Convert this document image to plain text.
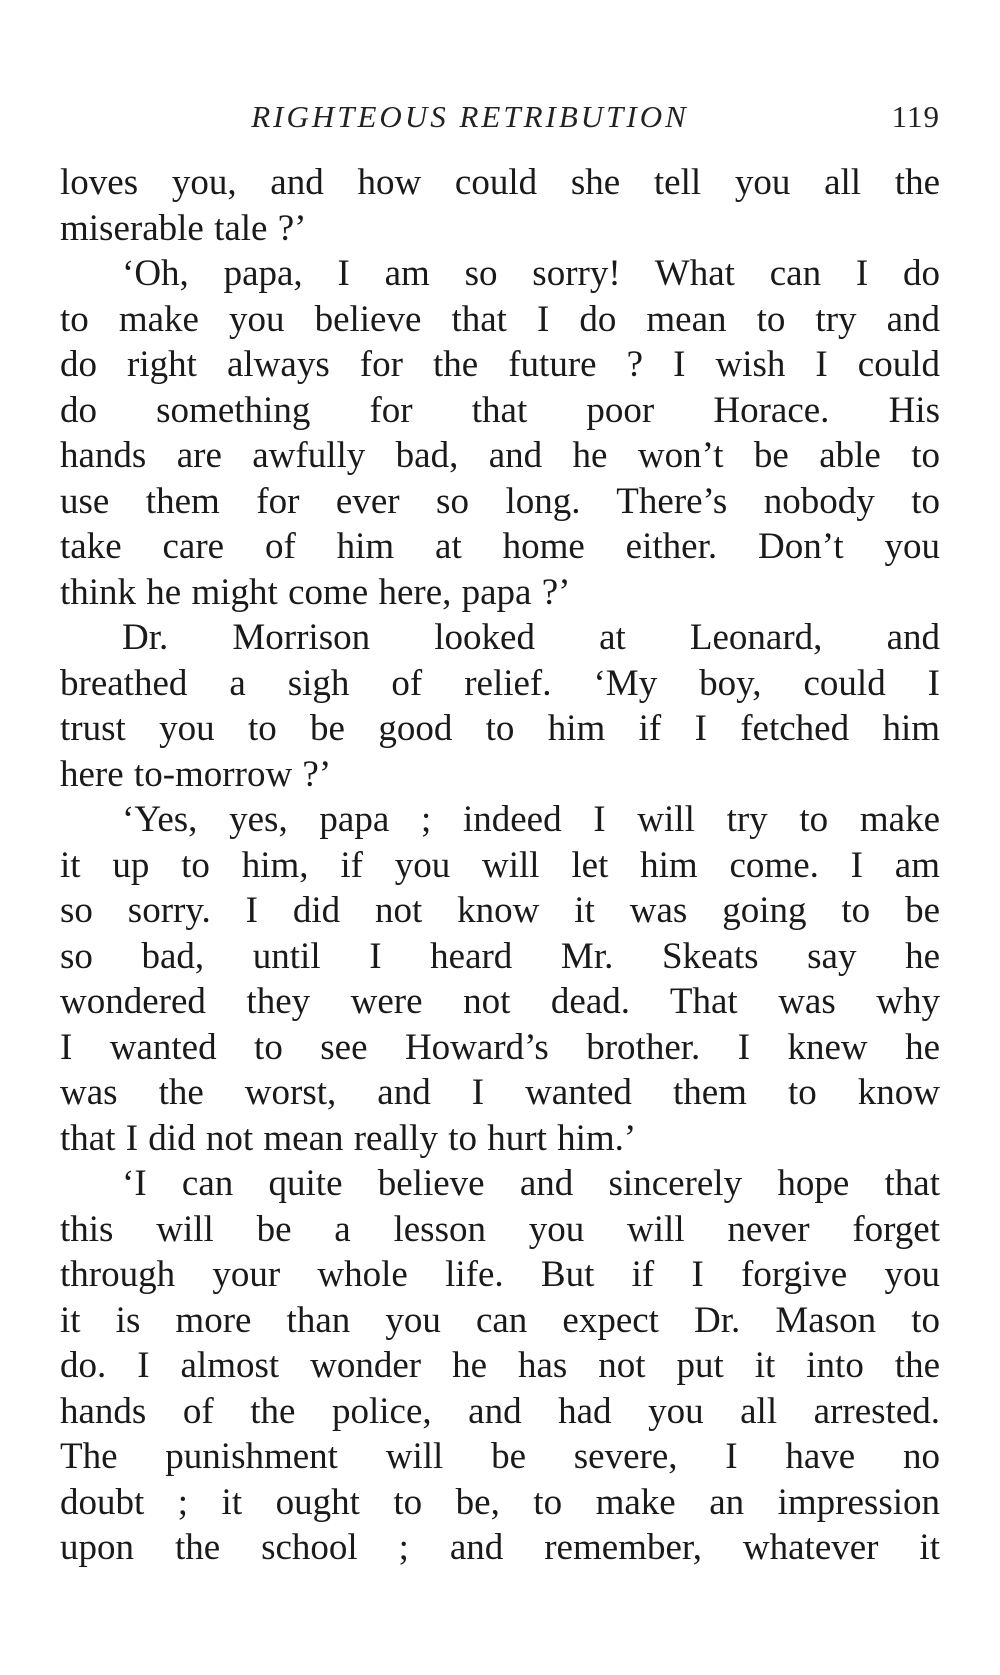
RIGHTEOUS RETRIBUTION	119
loves you, and how could she tell you all the
miserable tale ?’
‘Oh, papa, I am so sorry! What can I do
to make you believe that I do mean to try and
do right always for the future ? I wish I could
do something for that poor Horace. His
hands are awfully bad, and he won’t be able to
use them for ever so long. There’s nobody to
take care of him at home either. Don’t you
think he might come here, papa ?’
Dr. Morrison looked at Leonard, and
breathed a sigh of relief. ‘My boy, could I
trust you to be good to him if I fetched him
here to-morrow ?’
‘Yes, yes, papa ; indeed I will try to make
it up to him, if you will let him come. I am
so sorry. I did not know it was going to be
so bad, until I heard Mr. Skeats say he
wondered they were not dead. That was why
I wanted to see Howard’s brother. I knew he
was the worst, and I wanted them to know
that I did not mean really to hurt him.’
‘I can quite believe and sincerely hope that
this will be a lesson you will never forget
through your whole life. But if I forgive you
it is more than you can expect Dr. Mason to
do. I almost wonder he has not put it into the
hands of the police, and had you all arrested.
The punishment will be severe, I have no
doubt ; it ought to be, to make an impression
upon the school ; and remember, whatever it
